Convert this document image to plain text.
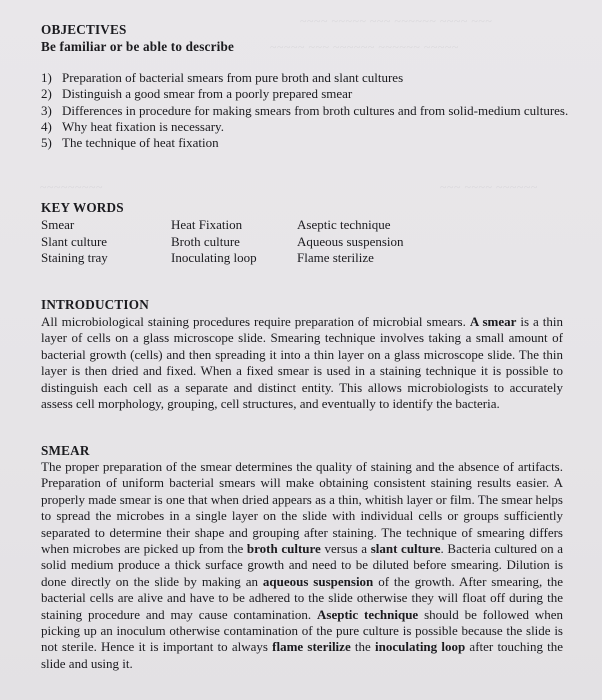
~~~~ ~~~~~ ~~~ ~~~~~~ ~~~~ ~~~
~~~~~ ~~~ ~~~~~~ ~~~~~~ ~~~~~
~~~~~~~~~	~~~ ~~~~ ~~~~~~
OBJECTIVES
Be familiar or be able to describe
1) Preparation of bacterial smears from pure broth and slant cultures
2) Distinguish a good smear from a poorly prepared smear
3) Differences in procedure for making smears from broth cultures and from solid-medium cultures.
4) Why heat fixation is necessary.
5) The technique of heat fixation
KEY WORDS
Smear
Slant culture
Staining tray
Heat Fixation
Broth culture
Inoculating loop
Aseptic technique
Aqueous suspension
Flame sterilize
INTRODUCTION

All microbiological staining procedures require preparation of microbial smears. A smear is a thin layer of cells on a glass microscope slide. Smearing technique involves taking a small amount of bacterial growth (cells) and then spreading it into a thin layer on a glass microscope slide. The thin layer is then dried and fixed. When a fixed smear is used in a staining technique it is possible to distinguish each cell as a separate and distinct entity. This allows microbiologists to accurately assess cell morphology, grouping, cell structures, and eventually to identify the bacteria.

SMEAR

The proper preparation of the smear determines the quality of staining and the absence of artifacts. Preparation of uniform bacterial smears will make obtaining consistent staining results easier. A properly made smear is one that when dried appears as a thin, whitish layer or film. The smear helps to spread the microbes in a single layer on the slide with individual cells or groups sufficiently separated to determine their shape and grouping after staining. The technique of smearing differs when microbes are picked up from the broth culture versus a slant culture. Bacteria cultured on a solid medium produce a thick surface growth and need to be diluted before smearing. Dilution is done directly on the slide by making an aqueous suspension of the growth. After smearing, the bacterial cells are alive and have to be adhered to the slide otherwise they will float off during the staining procedure and may cause contamination. Aseptic technique should be followed when picking up an inoculum otherwise contamination of the pure culture is possible because the slide is not sterile. Hence it is important to always flame sterilize the inoculating loop after touching the slide and using it.
